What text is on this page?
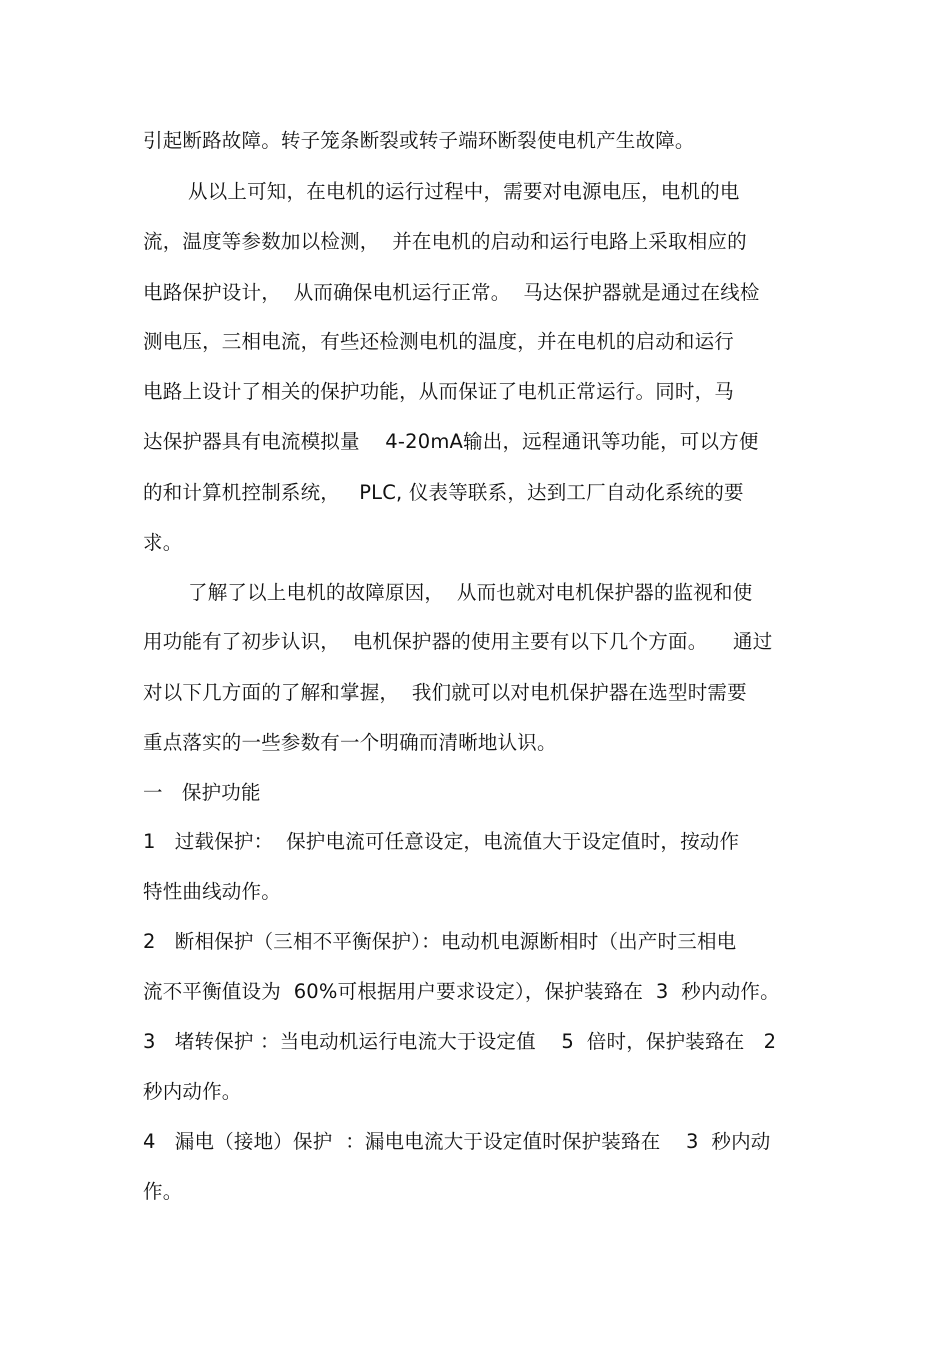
引起断路故障。转子笼条断裂或转子端环断裂使电机产生故障。
从以上可知，在电机的运行过程中，需要对电源电压，电机的电
流，温度等参数加以检测，  并在电机的启动和运行电路上采取相应的
电路保护设计，  从而确保电机运行正常。  马达保护器就是通过在线检
测电压，三相电流，有些还检测电机的温度，并在电机的启动和运行
电路上设计了相关的保护功能，从而保证了电机正常运行。同时，马
达保护器具有电流模拟量    4-20mA输出，远程通讯等功能，可以方便
的和计算机控制系统，   PLC, 仪表等联系，达到工厂自动化系统的要
求。
了解了以上电机的故障原因，  从而也就对电机保护器的监视和使
用功能有了初步认识，  电机保护器的使用主要有以下几个方面。    通过
对以下几方面的了解和掌握，  我们就可以对电机保护器在选型时需要
重点落实的一些参数有一个明确而清晰地认识。
一   保护功能
1   过载保护：  保护电流可任意设定，电流值大于设定值时，按动作
特性曲线动作。
2   断相保护（三相不平衡保护）：电动机电源断相时（出产时三相电
流不平衡值设为  60%可根据用户要求设定），保护装臵在  3  秒内动作。
3   堵转保护 ：当电动机运行电流大于设定值    5  倍时，保护装臵在   2
秒内动作。
4   漏电（接地）保护  ：漏电电流大于设定值时保护装臵在    3  秒内动
作。
